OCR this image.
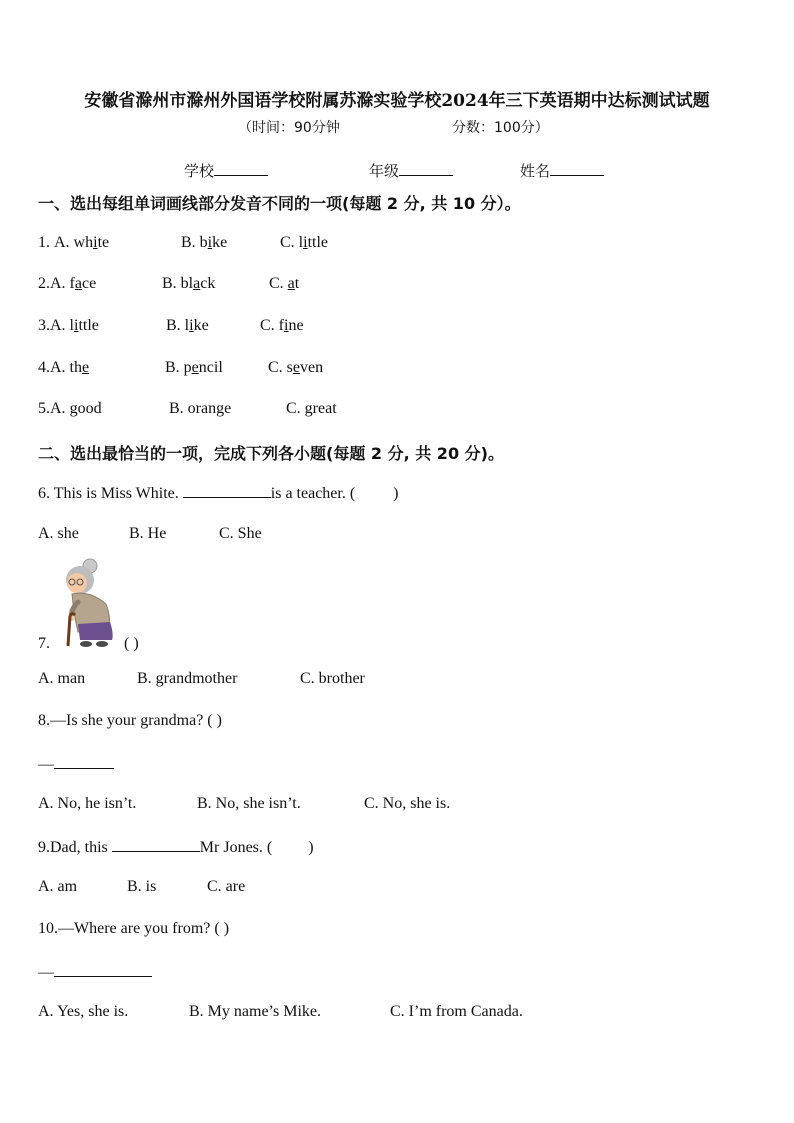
安徽省滁州市滁州外国语学校附属苏滁实验学校2024年三下英语期中达标测试试题
（时间：90分钟	分数：100分）
学校	年级	姓名
一、选出每组单词画线部分发音不同的一项(每题 2 分, 共 10 分）。
1. A. white	B. bike	C. little
2.A. face	B. black	C. at
3.A. little	B. like	C. fine
4.A. the	B. pencil	C. seven
5.A. good	B. orange	C. great
二、选出最恰当的一项，完成下列各小题(每题 2 分, 共 20 分)。
6. This is Miss White.	is a teacher. ( )
A. she	B. He	C. She
7.	( )
A. man	B. grandmother	C. brother
8.—Is she your grandma? ( )
—
A. No, he isn’t.	B. No, she isn’t.	C. No, she is.
9.Dad, this	Mr Jones. ( )
A. am	B. is	C. are
10.—Where are you from? ( )
—
A. Yes, she is.	B. My name’s Mike.	C. I’m from Canada.
